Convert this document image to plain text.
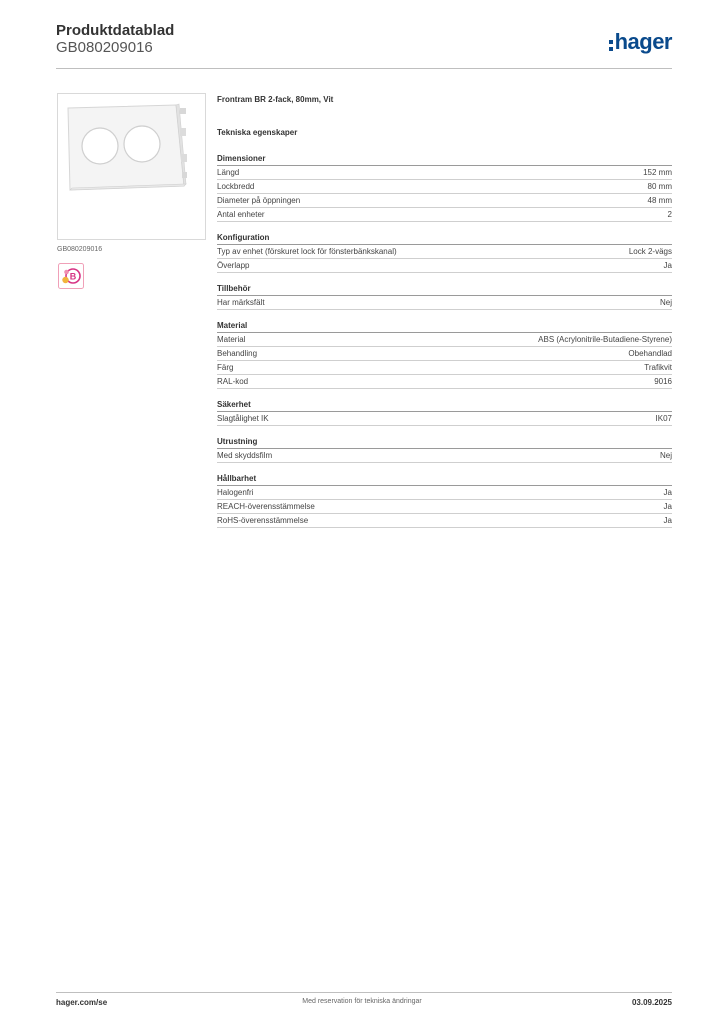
Produktdatablad
GB080209016	hager
GB080209016
B
Frontram BR 2-fack, 80mm, Vit
Tekniska egenskaper
Dimensioner
Längd	152 mm
Lockbredd	80 mm
Diameter på öppningen	48 mm
Antal enheter	2
Konfiguration
Typ av enhet (förskuret lock för fönsterbänkskanal)	Lock 2-vägs
Överlapp	Ja
Tillbehör
Har märksfält	Nej
Material
Material	ABS (Acrylonitrile-Butadiene-Styrene)
Behandling	Obehandlad
Färg	Trafikvit
RAL-kod	9016
Säkerhet
Slagtålighet IK	IK07
Utrustning
Med skyddsfilm	Nej
Hållbarhet
Halogenfri	Ja
REACH-överensstämmelse	Ja
RoHS-överensstämmelse	Ja
hager.com/se	Med reservation för tekniska ändringar	03.09.2025
